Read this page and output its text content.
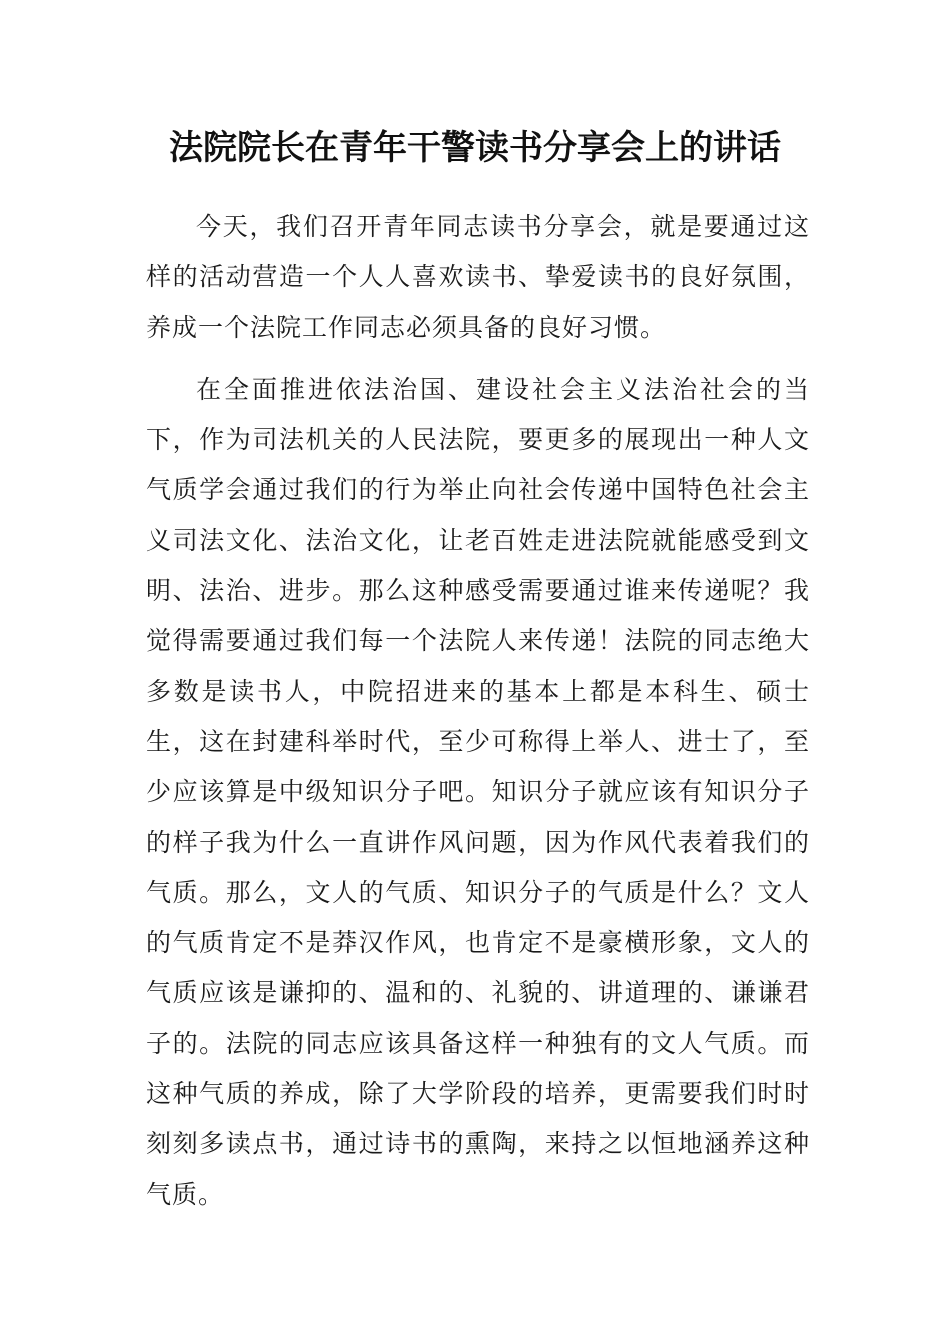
法院院长在青年干警读书分享会上的讲话

今天，我们召开青年同志读书分享会，就是要通过这样的活动营造一个人人喜欢读书、挚爱读书的良好氛围，养成一个法院工作同志必须具备的良好习惯。

在全面推进依法治国、建设社会主义法治社会的当下，作为司法机关的人民法院，要更多的展现出一种人文气质学会通过我们的行为举止向社会传递中国特色社会主义司法文化、法治文化，让老百姓走进法院就能感受到文明、法治、进步。那么这种感受需要通过谁来传递呢？我觉得需要通过我们每一个法院人来传递！法院的同志绝大多数是读书人，中院招进来的基本上都是本科生、硕士生，这在封建科举时代，至少可称得上举人、进士了，至少应该算是中级知识分子吧。知识分子就应该有知识分子的样子我为什么一直讲作风问题，因为作风代表着我们的气质。那么，文人的气质、知识分子的气质是什么？文人的气质肯定不是莽汉作风，也肯定不是豪横形象，文人的气质应该是谦抑的、温和的、礼貌的、讲道理的、谦谦君子的。法院的同志应该具备这样一种独有的文人气质。而这种气质的养成，除了大学阶段的培养，更需要我们时时刻刻多读点书，通过诗书的熏陶，来持之以恒地涵养这种气质。
